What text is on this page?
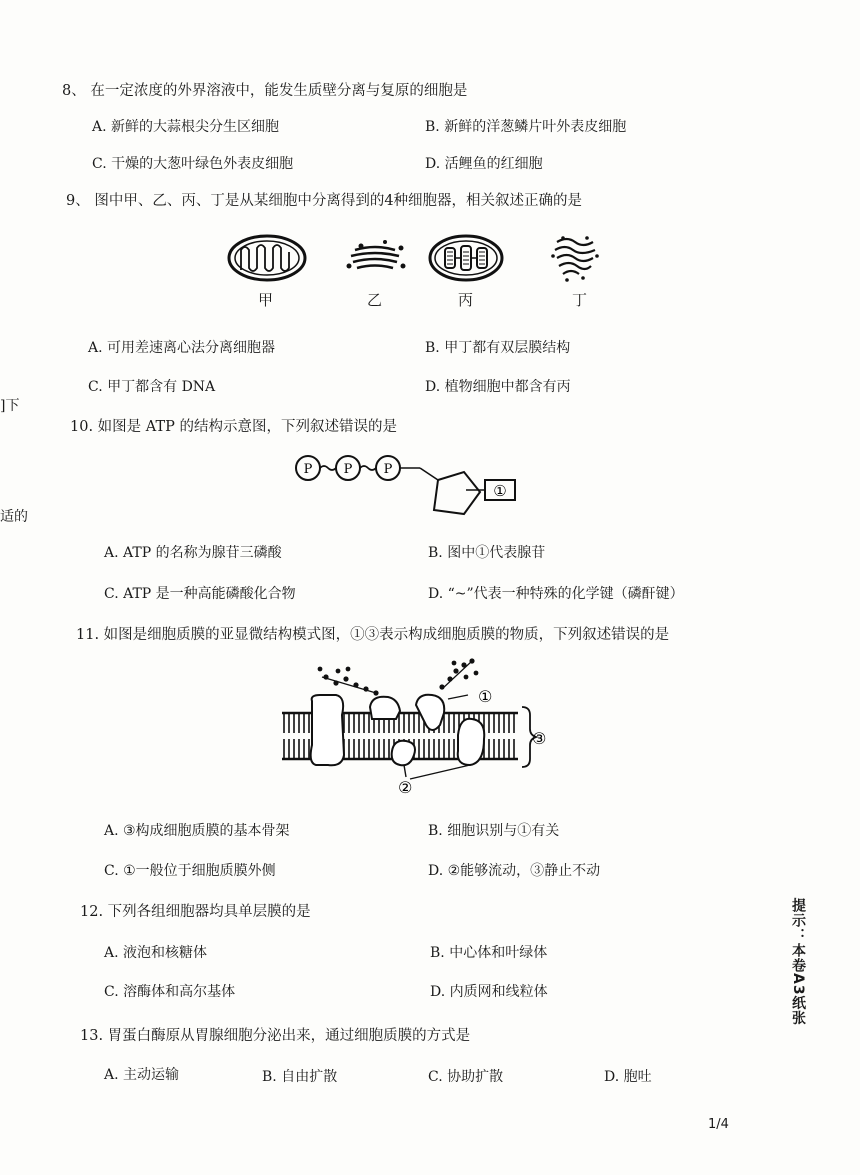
8、 在一定浓度的外界溶液中，能发生质壁分离与复原的细胞是
A. 新鲜的大蒜根尖分生区细胞	B. 新鲜的洋葱鳞片叶外表皮细胞
C. 干燥的大葱叶绿色外表皮细胞	D. 活鲤鱼的红细胞
9、 图中甲、乙、丙、丁是从某细胞中分离得到的4种细胞器，相关叙述正确的是
甲	乙	丙	丁
A. 可用差速离心法分离细胞器	B. 甲丁都有双层膜结构
C. 甲丁都含有 DNA	D. 植物细胞中都含有丙
]下
适的
10. 如图是 ATP 的结构示意图，下列叙述错误的是
P P P
①
A. ATP 的名称为腺苷三磷酸	B. 图中①代表腺苷
C. ATP 是一种高能磷酸化合物	D. “~”代表一种特殊的化学键（磷酐键）
11. 如图是细胞质膜的亚显微结构模式图，①③表示构成细胞质膜的物质，下列叙述错误的是
①
②
③
A. ③构成细胞质膜的基本骨架	B. 细胞识别与①有关
C. ①一般位于细胞质膜外侧	D. ②能够流动，③静止不动
12. 下列各组细胞器均具单层膜的是
A. 液泡和核糖体	B. 中心体和叶绿体
C. 溶酶体和高尔基体	D. 内质网和线粒体
13. 胃蛋白酶原从胃腺细胞分泌出来，通过细胞质膜的方式是
A. 主动运输	B. 自由扩散	C. 协助扩散	D. 胞吐
提示：本卷A3纸张
1/4
